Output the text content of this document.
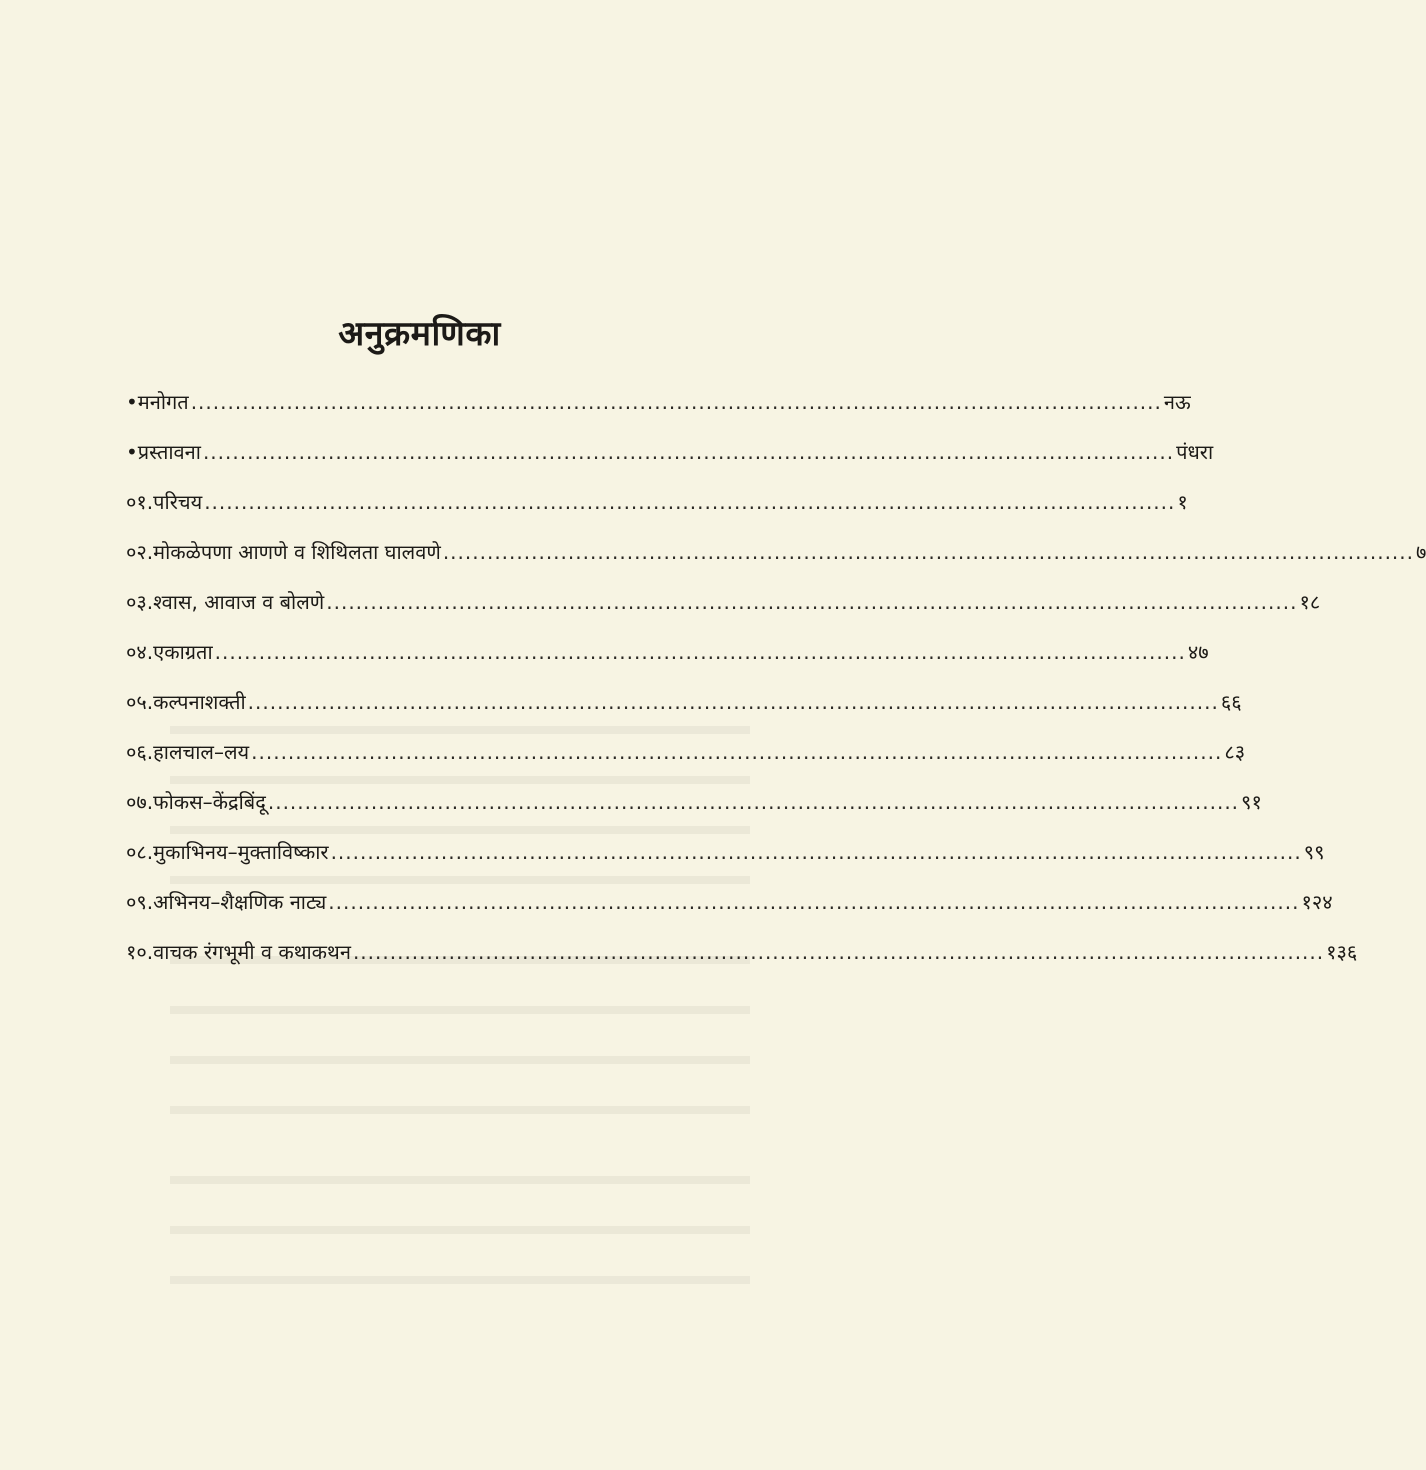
अनुक्रमणिका
• मनोगत .................................................................................................................................... नऊ
• प्रस्तावना .................................................................................................................................... पंधरा
०१. परिचय .................................................................................................................................... १
०२. मोकळेपणा आणणे व शिथिलता घालवणे .................................................................................................................................... ७
०३. श्वास, आवाज व बोलणे .................................................................................................................................... १८
०४. एकाग्रता .................................................................................................................................... ४७
०५. कल्पनाशक्ती .................................................................................................................................... ६६
०६. हालचाल–लय .................................................................................................................................... ८३
०७. फोकस–केंद्रबिंदू .................................................................................................................................... ९१
०८. मुकाभिनय–मुक्ताविष्कार .................................................................................................................................... ९९
०९. अभिनय–शैक्षणिक नाट्य .................................................................................................................................... १२४
१०. वाचक रंगभूमी व कथाकथन .................................................................................................................................... १३६
